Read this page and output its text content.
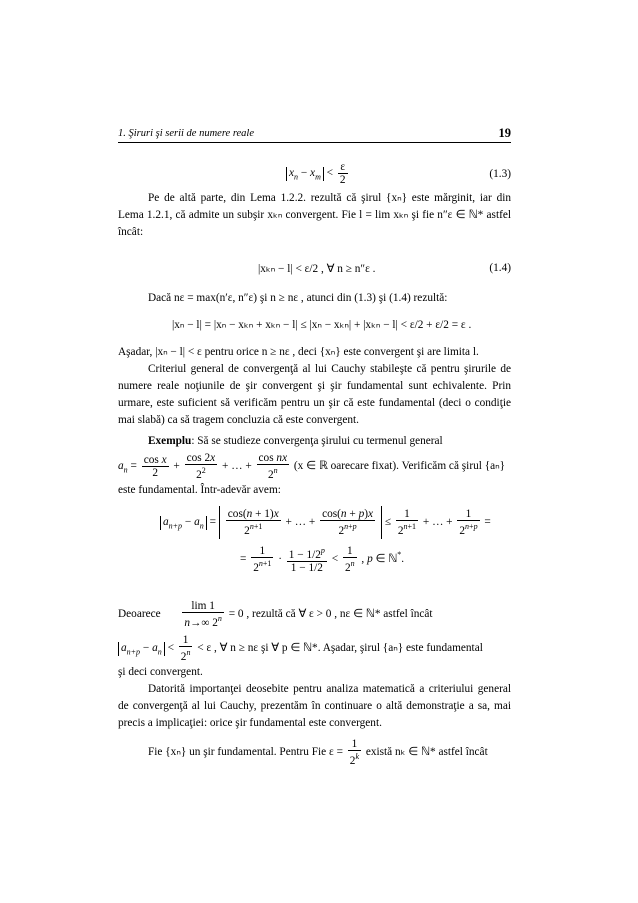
1. Şiruri şi serii de numere reale	19
$x_n - x_m < \frac{\varepsilon}{2}$	(1.3)
Pe de altă parte, din Lema 1.2.2. rezultă că şirul {xₙ} este mărginit, iar din Lema 1.2.1, că admite un subşir xₖₙ convergent. Fie l = lim xₖₙ şi fie n″ε ∈ ℕ* astfel încât:
|xₖₙ − l| < ε/2 , ∀ n ≥ n″ε .	(1.4)
Dacă nε = max(n′ε, n″ε) şi n ≥ nε , atunci din (1.3) şi (1.4) rezultă:
|xₙ − l| = |xₙ − xₖₙ + xₖₙ − l| ≤ |xₙ − xₖₙ| + |xₖₙ − l| < ε/2 + ε/2 = ε .
Aşadar, |xₙ − l| < ε pentru orice n ≥ nε , deci {xₙ} este convergent şi are limita l.
Criteriul general de convergenţă al lui Cauchy stabileşte că pentru şirurile de numere reale noţiunile de şir convergent şi şir fundamental sunt echivalente. Prin urmare, este suficient să verificăm pentru un şir că este fundamental (deci o condiţie mai slabă) ca să tragem concluzia că este convergent.
Exemplu: Să se studieze convergenţa şirului cu termenul general
$a_n = \frac{\text{cos x}}{2} + \frac{\cos 2x}{2^2}$ + … + $\frac{\text{cos nx}}{2^n} (x$ ∈ ℝ oarecare fixat). Verificăm că şirul {aₙ}
este fundamental. Într-adevăr avem:
$a_{n+p} - a_n = \frac{\cos(n + 1)x}{2^{n+1}}$ + … + $\frac{\cos(n + p)x}{2^{n+p}} \le \frac{1}{2^{n+1}}$ + … + $\frac{1}{2^{n+p}}$ =
= $\frac{1}{2^{n+1}} \cdot \frac{1 - 1/2^p}{1 - 1/2} < \frac{1}{2^n}$ , p ∈ ℕ*.
Deoarece $\frac{\lim 1}{n\to\infty 2^n} = 0$ , rezultă că ∀ ε > 0 , nε ∈ ℕ* astfel încât
$a_{n+p} - a_n < \frac{1}{2^n} < \varepsilon$ , ∀ n ≥ nε şi ∀ p ∈ ℕ*. Aşadar, şirul {aₙ} este fundamental
şi deci convergent.
Datorită importanţei deosebite pentru analiza matematică a criteriului general de convergenţă al lui Cauchy, prezentăm în continuare o altă demonstraţie a sa, mai precis a implicaţiei: orice şir fundamental este convergent.
Fie {xₙ} un şir fundamental. Pentru Fie $\varepsilon = \frac{1}{2^k}$ există nₖ ∈ ℕ* astfel încât
